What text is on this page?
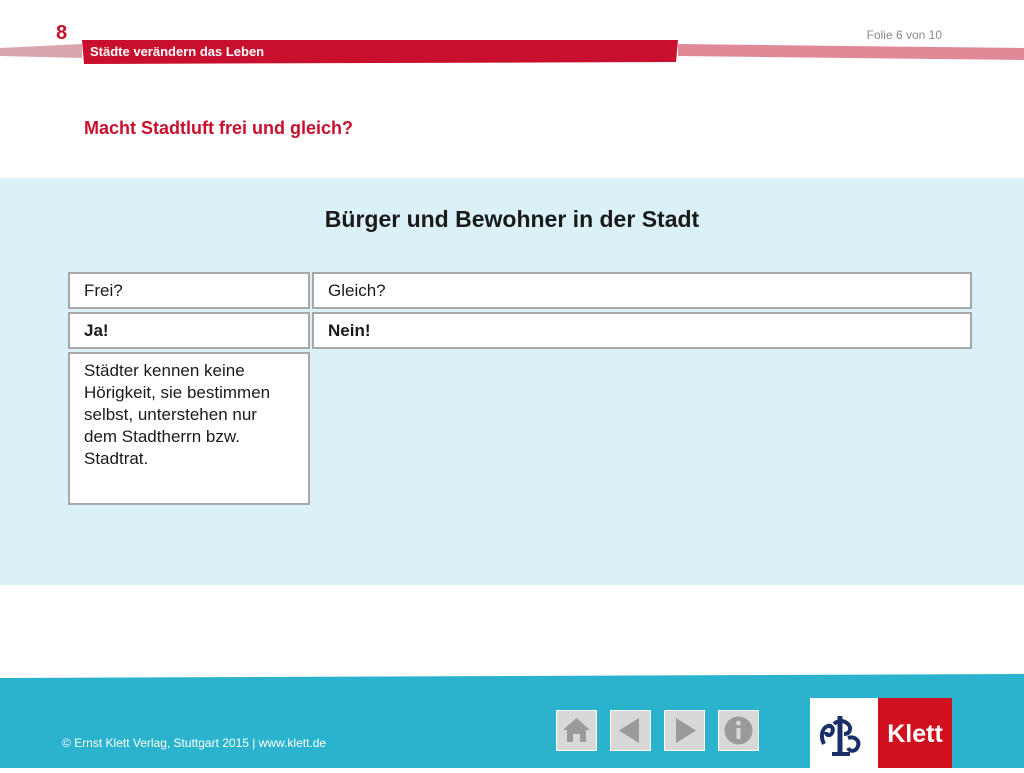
8	Folie 6 von 10
Städte verändern das Leben
Macht Stadtluft frei und gleich?
Bürger und Bewohner in der Stadt
Frei?	Gleich?
Ja!	Nein!
Städter kennen keine Hörigkeit, sie bestimmen selbst, unterstehen nur dem Stadtherrn bzw. Stadtrat.
© Ernst Klett Verlag, Stuttgart 2015 | www.klett.de	Klett
